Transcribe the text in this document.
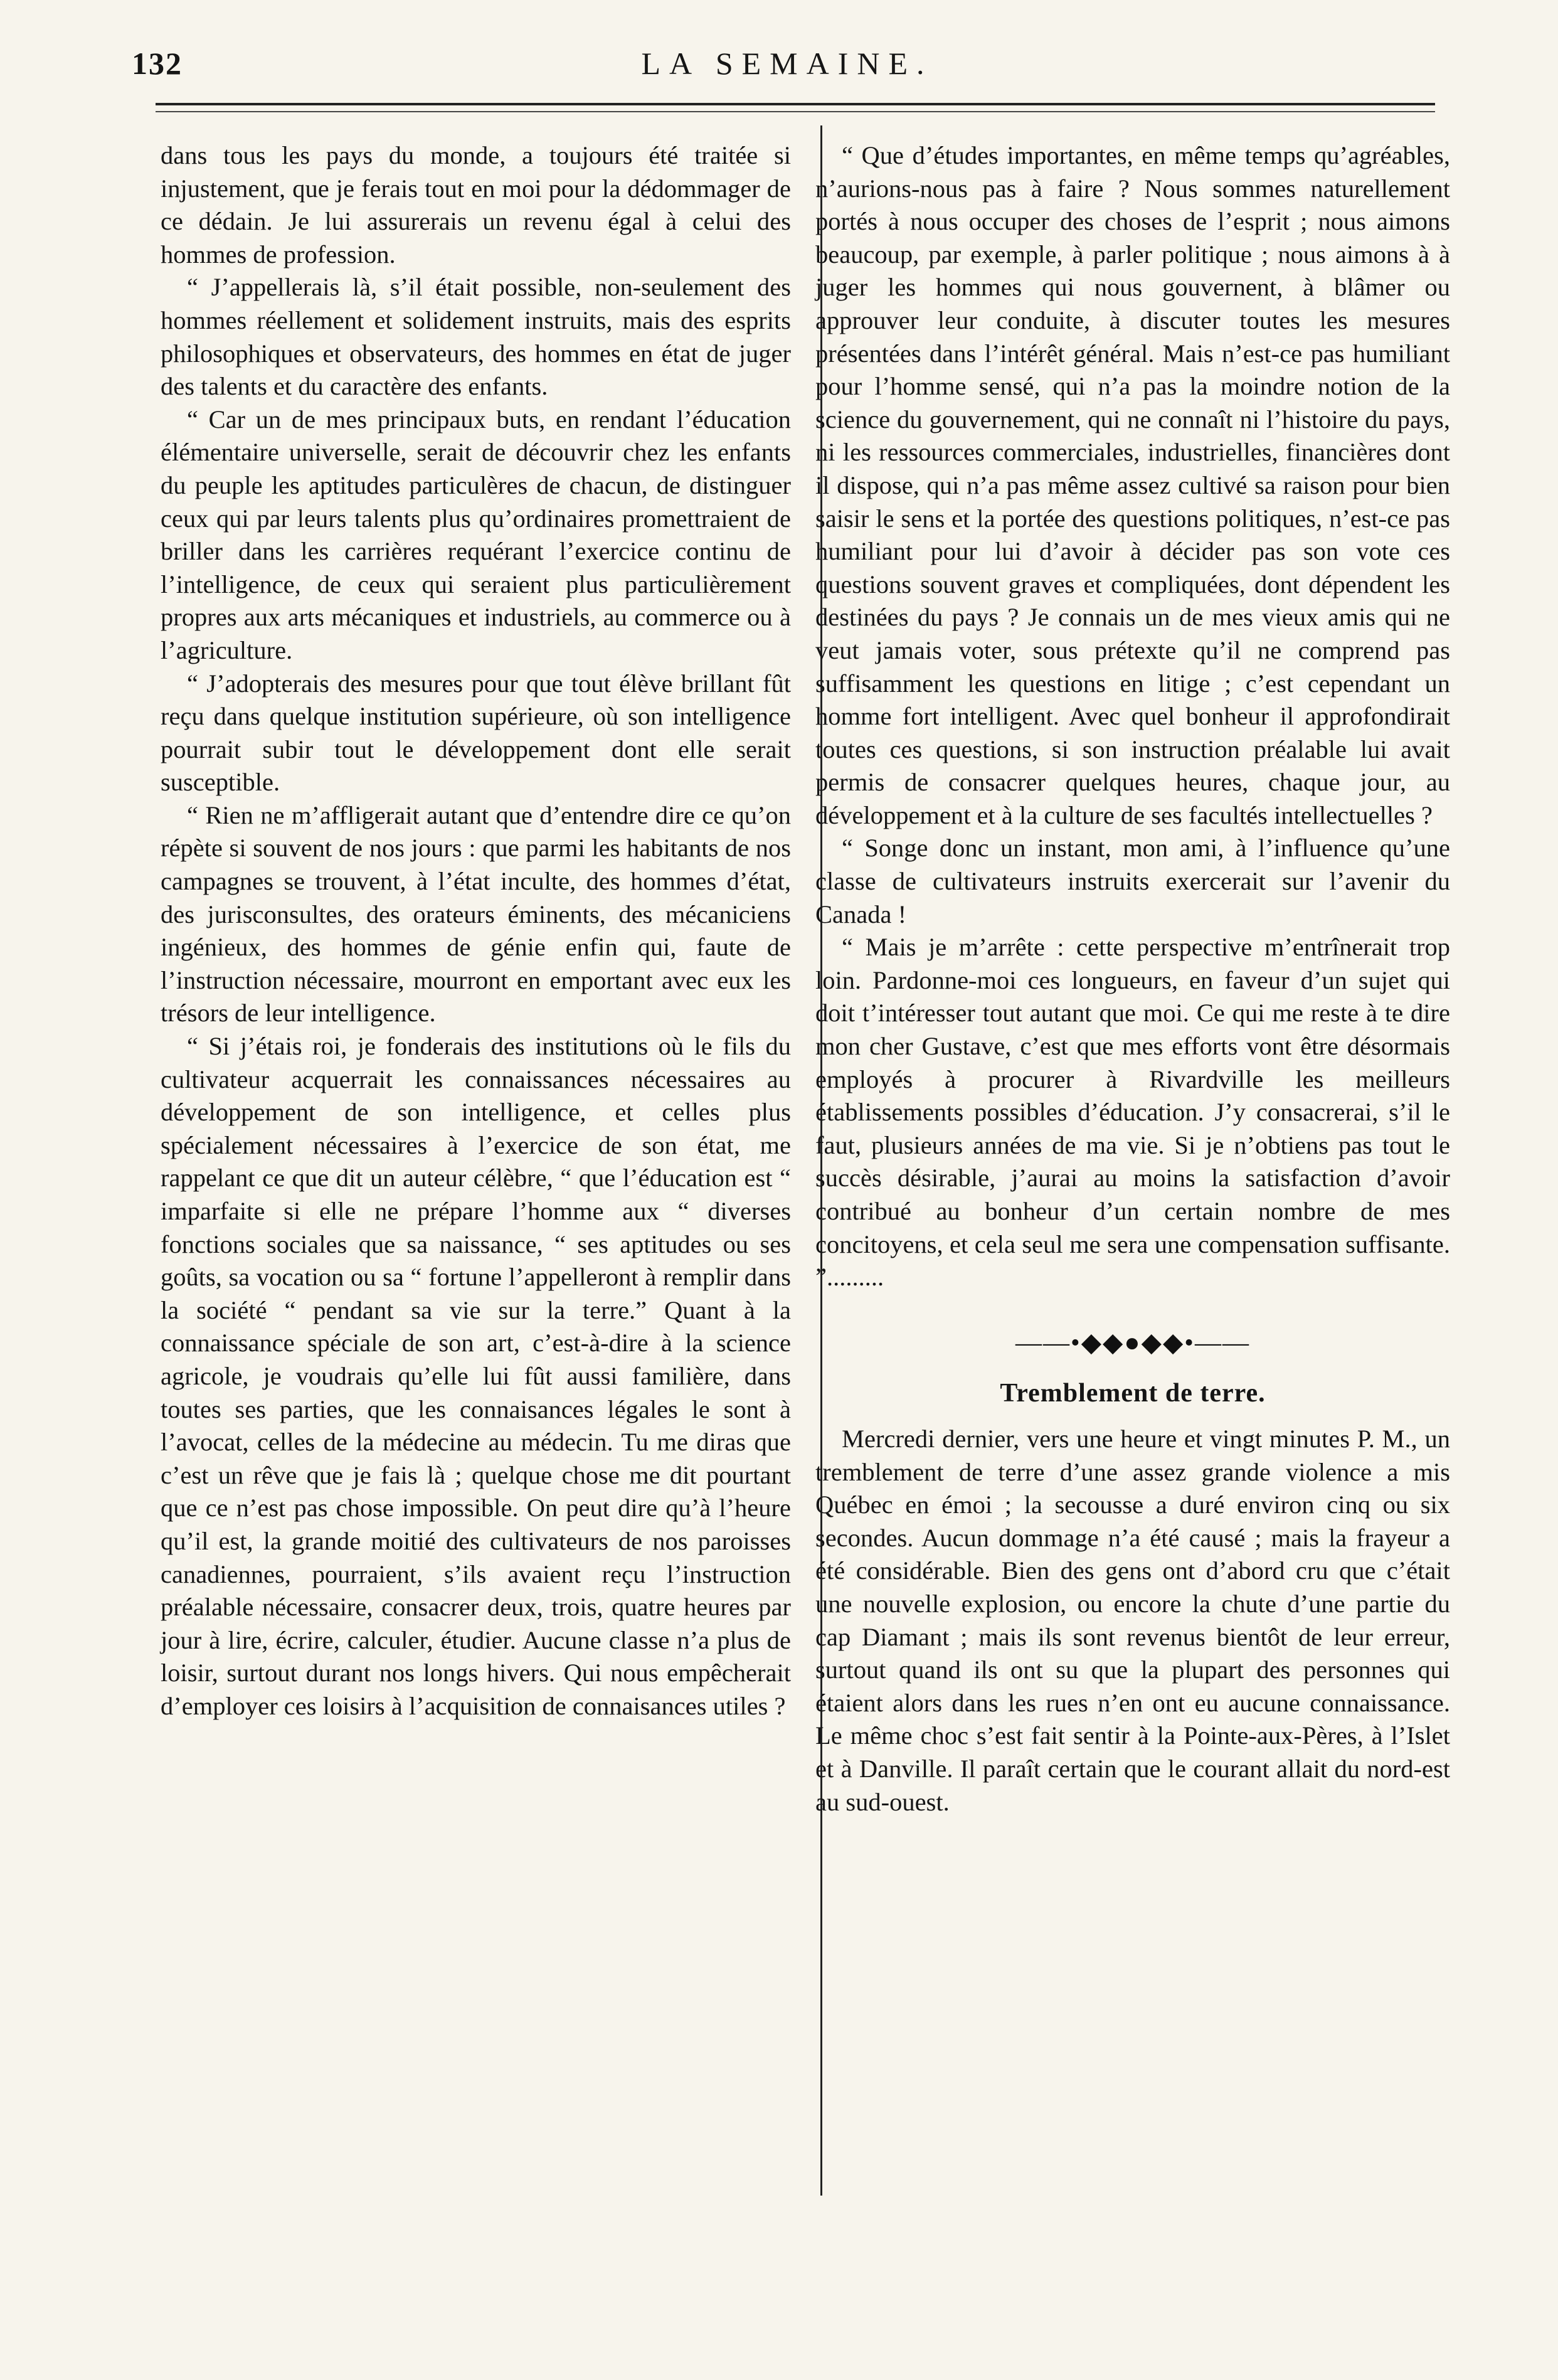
132	LA SEMAINE.

dans tous les pays du monde, a toujours été traitée si injustement, que je ferais tout en moi pour la dédommager de ce dédain. Je lui assurerais un revenu égal à celui des hommes de profession.

“ J’appellerais là, s’il était possible, non-seulement des hommes réellement et solidement instruits, mais des esprits philosophiques et observateurs, des hommes en état de juger des talents et du caractère des enfants.

“ Car un de mes principaux buts, en rendant l’éducation élémentaire universelle, serait de découvrir chez les enfants du peuple les aptitudes particulères de chacun, de distinguer ceux qui par leurs talents plus qu’ordinaires promettraient de briller dans les carrières requérant l’exercice continu de l’intelligence, de ceux qui seraient plus particulièrement propres aux arts mécaniques et industriels, au commerce ou à l’agriculture.

“ J’adopterais des mesures pour que tout élève brillant fût reçu dans quelque institution supérieure, où son intelligence pourrait subir tout le développement dont elle serait susceptible.

“ Rien ne m’affligerait autant que d’entendre dire ce qu’on répète si souvent de nos jours : que parmi les habitants de nos campagnes se trouvent, à l’état inculte, des hommes d’état, des jurisconsultes, des orateurs éminents, des mécaniciens ingénieux, des hommes de génie enfin qui, faute de l’instruction nécessaire, mourront en emportant avec eux les trésors de leur intelligence.

“ Si j’étais roi, je fonderais des institutions où le fils du cultivateur acquerrait les connaissances nécessaires au développement de son intelligence, et celles plus spécialement nécessaires à l’exercice de son état, me rappelant ce que dit un auteur célèbre, “ que l’éducation est “ imparfaite si elle ne prépare l’homme aux “ diverses fonctions sociales que sa naissance, “ ses aptitudes ou ses goûts, sa vocation ou sa “ fortune l’appelleront à remplir dans la société “ pendant sa vie sur la terre.” Quant à la connaissance spéciale de son art, c’est-à-dire à la science agricole, je voudrais qu’elle lui fût aussi familière, dans toutes ses parties, que les connaisances légales le sont à l’avocat, celles de la médecine au médecin. Tu me diras que c’est un rêve que je fais là ; quelque chose me dit pourtant que ce n’est pas chose impossible. On peut dire qu’à l’heure qu’il est, la grande moitié des cultivateurs de nos paroisses canadiennes, pourraient, s’ils avaient reçu l’instruction préalable nécessaire, consacrer deux, trois, quatre heures par jour à lire, écrire, calculer, étudier. Aucune classe n’a plus de loisir, surtout durant nos longs hivers. Qui nous empêcherait d’employer ces loisirs à l’acquisition de connaisances utiles ?

“ Que d’études importantes, en même temps qu’agréables, n’aurions-nous pas à faire ? Nous sommes naturellement portés à nous occuper des choses de l’esprit ; nous aimons beaucoup, par exemple, à parler politique ; nous aimons à à juger les hommes qui nous gouvernent, à blâmer ou approuver leur conduite, à discuter toutes les mesures présentées dans l’intérêt général. Mais n’est-ce pas humiliant pour l’homme sensé, qui n’a pas la moindre notion de la science du gouvernement, qui ne connaît ni l’histoire du pays, ni les ressources commerciales, industrielles, financières dont il dispose, qui n’a pas même assez cultivé sa raison pour bien saisir le sens et la portée des questions politiques, n’est-ce pas humiliant pour lui d’avoir à décider pas son vote ces questions souvent graves et compliquées, dont dépendent les destinées du pays ? Je connais un de mes vieux amis qui ne veut jamais voter, sous prétexte qu’il ne comprend pas suffisamment les questions en litige ; c’est cependant un homme fort intelligent. Avec quel bonheur il approfondirait toutes ces questions, si son instruction préalable lui avait permis de consacrer quelques heures, chaque jour, au développement et à la culture de ses facultés intellectuelles ?

“ Songe donc un instant, mon ami, à l’influence qu’une classe de cultivateurs instruits exercerait sur l’avenir du Canada !

“ Mais je m’arrête : cette perspective m’entrînerait trop loin. Pardonne-moi ces longueurs, en faveur d’un sujet qui doit t’intéresser tout autant que moi. Ce qui me reste à te dire mon cher Gustave, c’est que mes efforts vont être désormais employés à procurer à Rivardville les meilleurs établissements possibles d’éducation. J’y consacrerai, s’il le faut, plusieurs années de ma vie. Si je n’obtiens pas tout le succès désirable, j’aurai au moins la satisfaction d’avoir contribué au bonheur d’un certain nombre de mes concitoyens, et cela seul me sera une compensation suffisante. ”.........

——•◆◆●◆◆•——
Tremblement de terre.

Mercredi dernier, vers une heure et vingt minutes P. M., un tremblement de terre d’une assez grande violence a mis Québec en émoi ; la secousse a duré environ cinq ou six secondes. Aucun dommage n’a été causé ; mais la frayeur a été considérable. Bien des gens ont d’abord cru que c’était une nouvelle explosion, ou encore la chute d’une partie du cap Diamant ; mais ils sont revenus bientôt de leur erreur, surtout quand ils ont su que la plupart des personnes qui étaient alors dans les rues n’en ont eu aucune connaissance. Le même choc s’est fait sentir à la Pointe-aux-Pères, à l’Islet et à Danville. Il paraît certain que le courant allait du nord-est au sud-ouest.
